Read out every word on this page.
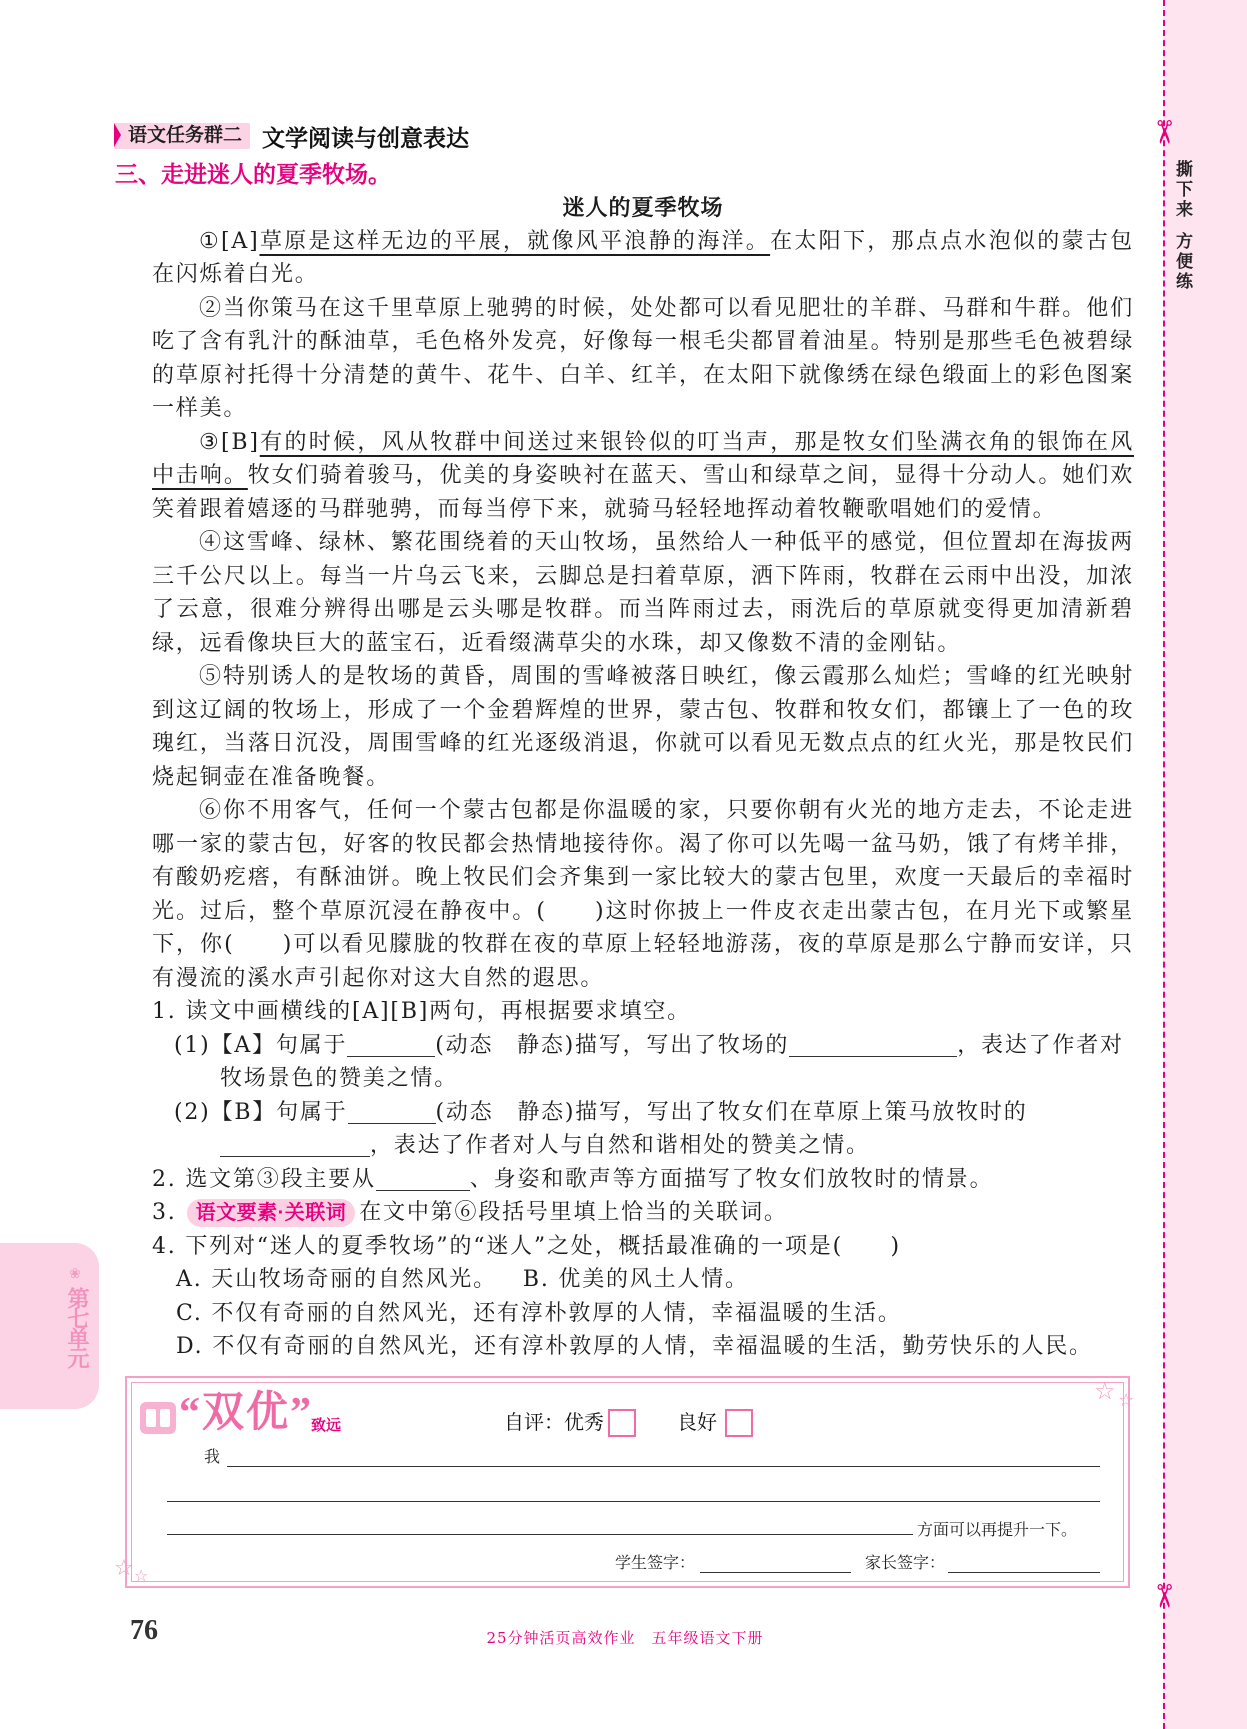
✂
✂
撕下来
方便练
❀
第七单元
语文任务群二 文学阅读与创意表达
三、走进迷人的夏季牧场。
迷人的夏季牧场

①[A]草原是这样无边的平展，就像风平浪静的海洋。在太阳下，那点点水泡似的蒙古包在闪烁着白光。

②当你策马在这千里草原上驰骋的时候，处处都可以看见肥壮的羊群、马群和牛群。他们吃了含有乳汁的酥油草，毛色格外发亮，好像每一根毛尖都冒着油星。特别是那些毛色被碧绿的草原衬托得十分清楚的黄牛、花牛、白羊、红羊，在太阳下就像绣在绿色缎面上的彩色图案一样美。

③[B]有的时候，风从牧群中间送过来银铃似的叮当声，那是牧女们坠满衣角的银饰在风中击响。牧女们骑着骏马，优美的身姿映衬在蓝天、雪山和绿草之间，显得十分动人。她们欢笑着跟着嬉逐的马群驰骋，而每当停下来，就骑马轻轻地挥动着牧鞭歌唱她们的爱情。

④这雪峰、绿林、繁花围绕着的天山牧场，虽然给人一种低平的感觉，但位置却在海拔两三千公尺以上。每当一片乌云飞来，云脚总是扫着草原，洒下阵雨，牧群在云雨中出没，加浓了云意，很难分辨得出哪是云头哪是牧群。而当阵雨过去，雨洗后的草原就变得更加清新碧绿，远看像块巨大的蓝宝石，近看缀满草尖的水珠，却又像数不清的金刚钻。

⑤特别诱人的是牧场的黄昏，周围的雪峰被落日映红，像云霞那么灿烂；雪峰的红光映射到这辽阔的牧场上，形成了一个金碧辉煌的世界，蒙古包、牧群和牧女们，都镶上了一色的玫瑰红，当落日沉没，周围雪峰的红光逐级消退，你就可以看见无数点点的红火光，那是牧民们烧起铜壶在准备晚餐。

⑥你不用客气，任何一个蒙古包都是你温暖的家，只要你朝有火光的地方走去，不论走进哪一家的蒙古包，好客的牧民都会热情地接待你。渴了你可以先喝一盆马奶，饿了有烤羊排，有酸奶疙瘩，有酥油饼。晚上牧民们会齐集到一家比较大的蒙古包里，欢度一天最后的幸福时光。过后，整个草原沉浸在静夜中。(　　)这时你披上一件皮衣走出蒙古包，在月光下或繁星下，你(　　)可以看见朦胧的牧群在夜的草原上轻轻地游荡，夜的草原是那么宁静而安详，只有漫流的溪水声引起你对这大自然的遐思。

1. 读文中画横线的[A][B]两句，再根据要求填空。

(1)【A】句属于	(动态　静态)描写，写出了牧场的	，表达了作者对牧场景色的赞美之情。

(2)【B】句属于	(动态　静态)描写，写出了牧女们在草原上策马放牧时的，表达了作者对人与自然和谐相处的赞美之情。

2. 选文第③段主要从	、身姿和歌声等方面描写了牧女们放牧时的情景。

3. 语文要素·关联词 在文中第⑥段括号里填上恰当的关联词。

4. 下列对“迷人的夏季牧场”的“迷人”之处，概括最准确的一项是(　　)

A. 天山牧场奇丽的自然风光。 B. 优美的风土人情。

C. 不仅有奇丽的自然风光，还有淳朴敦厚的人情，幸福温暖的生活。

D. 不仅有奇丽的自然风光，还有淳朴敦厚的人情，幸福温暖的生活，勤劳快乐的人民。

“双优”
致远	自评：优秀	良好
我
方面可以再提升一下。
学生签字：	家长签字：
☆ ☆
☆ ☆
76	25分钟活页高效作业　五年级语文下册
